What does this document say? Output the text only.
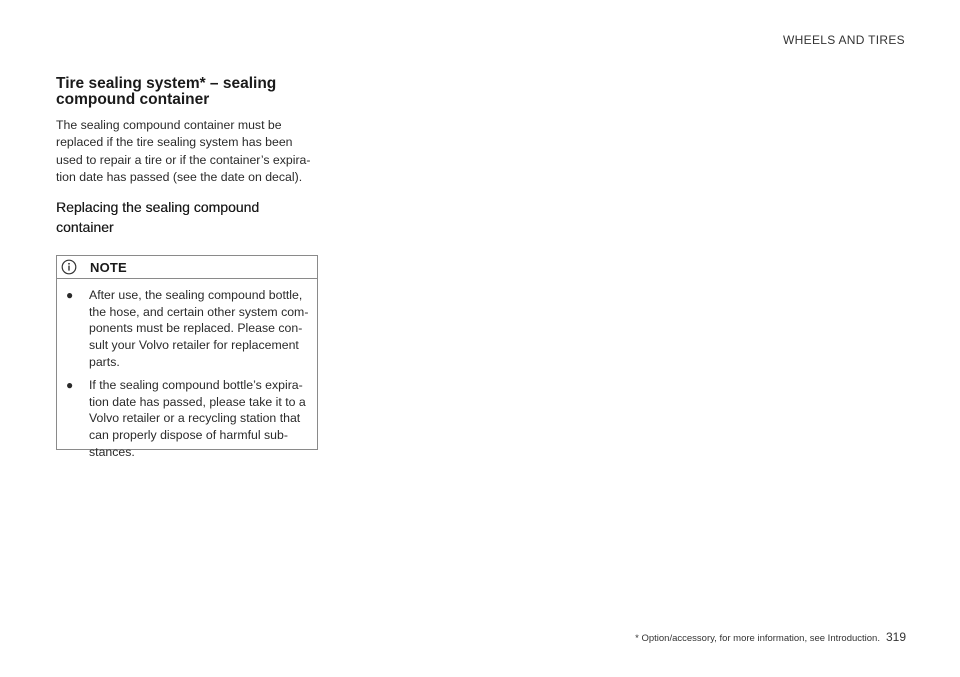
WHEELS AND TIRES
Tire sealing system* – sealing compound container

The sealing compound container must be replaced if the tire sealing system has been used to repair a tire or if the container’s expiration date has passed (see the date on decal).

Replacing the sealing compound container
NOTE
● After use, the sealing compound bottle, the hose, and certain other system components must be replaced. Please consult your Volvo retailer for replacement parts.
● If the sealing compound bottle’s expiration date has passed, please take it to a Volvo retailer or a recycling station that can properly dispose of harmful substances.
* Option/accessory, for more information, see Introduction. 319
